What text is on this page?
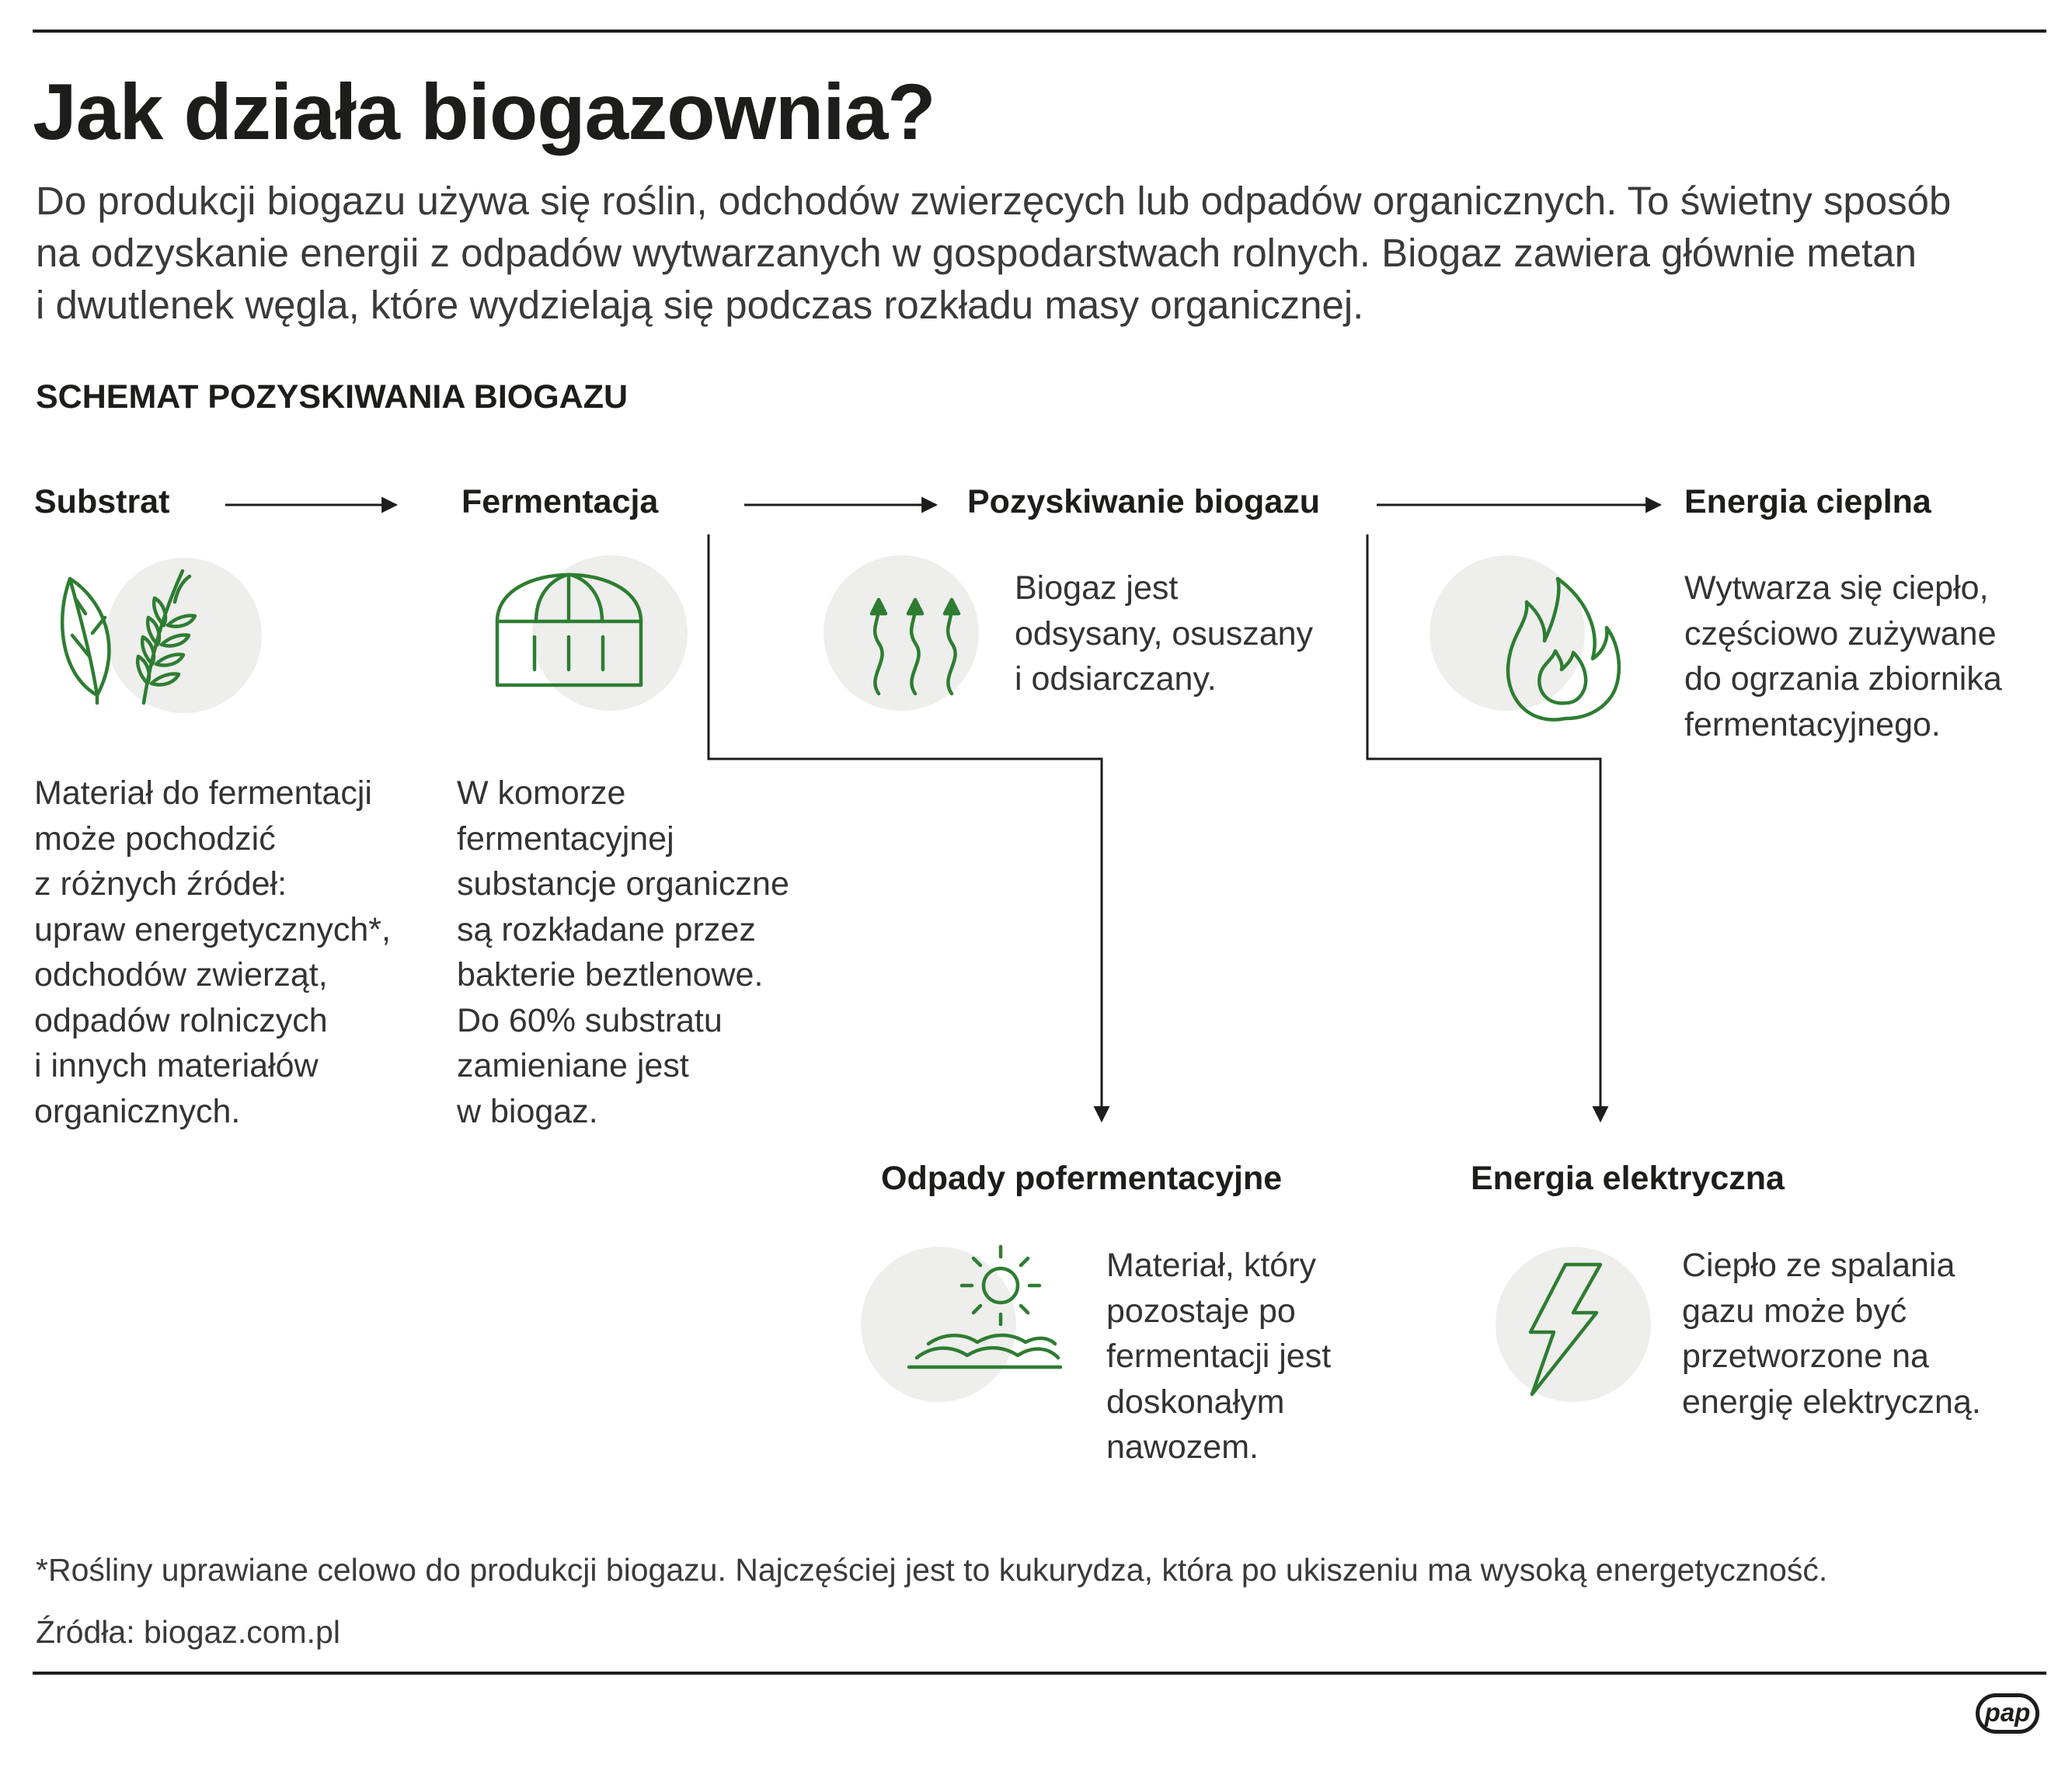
Jak działa biogazownia?
Do produkcji biogazu używa się roślin, odchodów zwierzęcych lub odpadów organicznych. To świetny sposób
na odzyskanie energii z odpadów wytwarzanych w gospodarstwach rolnych. Biogaz zawiera głównie metan
i dwutlenek węgla, które wydzielają się podczas rozkładu masy organicznej.
SCHEMAT POZYSKIWANIA BIOGAZU
Substrat
Materiał do fermentacji
może pochodzić
z różnych źródeł:
upraw energetycznych*,
odchodów zwierząt,
odpadów rolniczych
i innych materiałów
organicznych.
Fermentacja
W komorze
fermentacyjnej
substancje organiczne
są rozkładane przez
bakterie beztlenowe.
Do 60% substratu
zamieniane jest
w biogaz.
Pozyskiwanie biogazu
Biogaz jest
odsysany, osuszany
i odsiarczany.
Energia cieplna
Wytwarza się ciepło,
częściowo zużywane
do ogrzania zbiornika
fermentacyjnego.
Odpady pofermentacyjne
Materiał, który
pozostaje po
fermentacji jest
doskonałym
nawozem.
Energia elektryczna
Ciepło ze spalania
gazu może być
przetworzone na
energię elektryczną.
*Rośliny uprawiane celowo do produkcji biogazu. Najczęściej jest to kukurydza, która po ukiszeniu ma wysoką energetyczność.
Źródła: biogaz.com.pl
pap
